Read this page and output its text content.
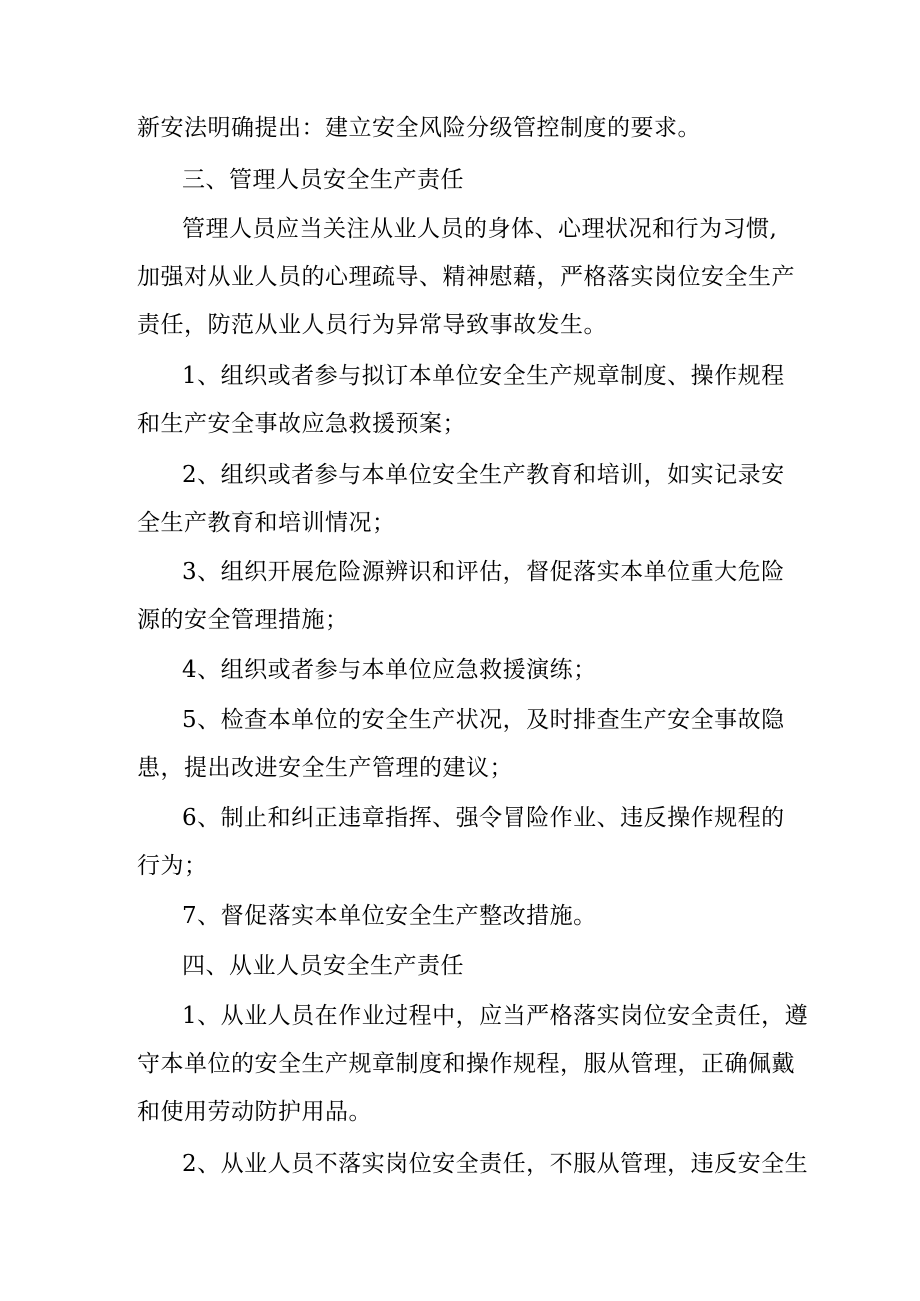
新安法明确提出：建立安全风险分级管控制度的要求。
三、管理人员安全生产责任
管理人员应当关注从业人员的身体、心理状况和行为习惯,
加强对从业人员的心理疏导、精神慰藉，严格落实岗位安全生产
责任，防范从业人员行为异常导致事故发生。
1、组织或者参与拟订本单位安全生产规章制度、操作规程
和生产安全事故应急救援预案；
2、组织或者参与本单位安全生产教育和培训，如实记录安
全生产教育和培训情况；
3、组织开展危险源辨识和评估，督促落实本单位重大危险
源的安全管理措施；
4、组织或者参与本单位应急救援演练；
5、检查本单位的安全生产状况，及时排查生产安全事故隐
患，提出改进安全生产管理的建议；
6、制止和纠正违章指挥、强令冒险作业、违反操作规程的
行为；
7、督促落实本单位安全生产整改措施。
四、从业人员安全生产责任
1、从业人员在作业过程中，应当严格落实岗位安全责任，遵
守本单位的安全生产规章制度和操作规程，服从管理，正确佩戴
和使用劳动防护用品。
2、从业人员不落实岗位安全责任，不服从管理，违反安全生
